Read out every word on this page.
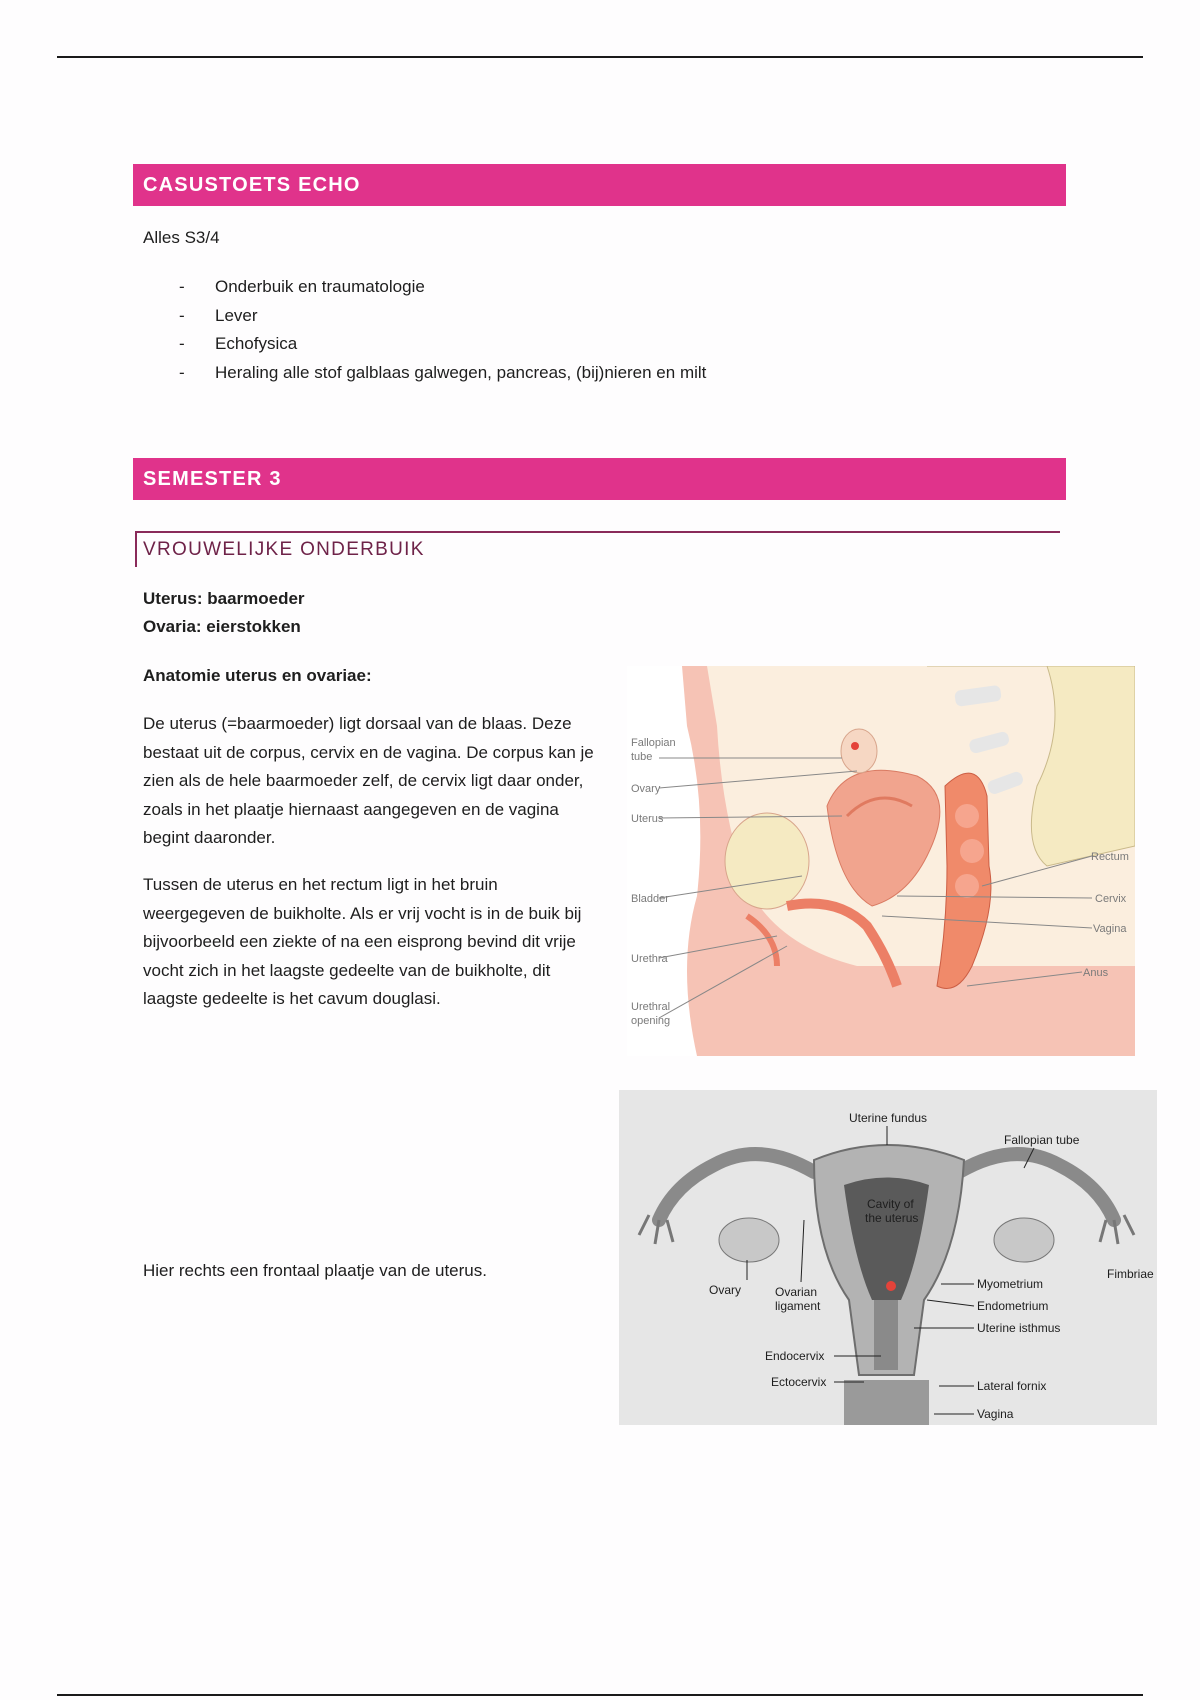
CASUSTOETS ECHO
Alles S3/4
- Onderbuik en traumatologie
- Lever
- Echofysica
- Heraling alle stof galblaas galwegen, pancreas, (bij)nieren en milt
SEMESTER 3
VROUWELIJKE ONDERBUIK
Uterus: baarmoeder
Ovaria: eierstokken
Anatomie uterus en ovariae:
De uterus (=baarmoeder) ligt dorsaal van de blaas. Deze bestaat uit de corpus, cervix en de vagina. De corpus kan je zien als de hele baarmoeder zelf, de cervix ligt daar onder, zoals in het plaatje hiernaast aangegeven en de vagina begint daaronder.
Tussen de uterus en het rectum ligt in het bruin weergegeven de buikholte. Als er vrij vocht is in de buik bij bijvoorbeeld een ziekte of na een eisprong bevind dit vrije vocht zich in het laagste gedeelte van de buikholte, dit laagste gedeelte is het cavum douglasi.
Hier rechts een frontaal plaatje van de uterus.
Fallopian
tube
Ovary
Uterus
Bladder
Urethra
Urethral
opening
Rectum
Cervix
Vagina
Anus
Uterine fundus
Fallopian tube
Cavity of
the uterus
Fimbriae
Ovary	Ovarian
ligament
Myometrium
Endometrium
Uterine isthmus
Endocervix
Ectocervix	Lateral fornix
Vagina
